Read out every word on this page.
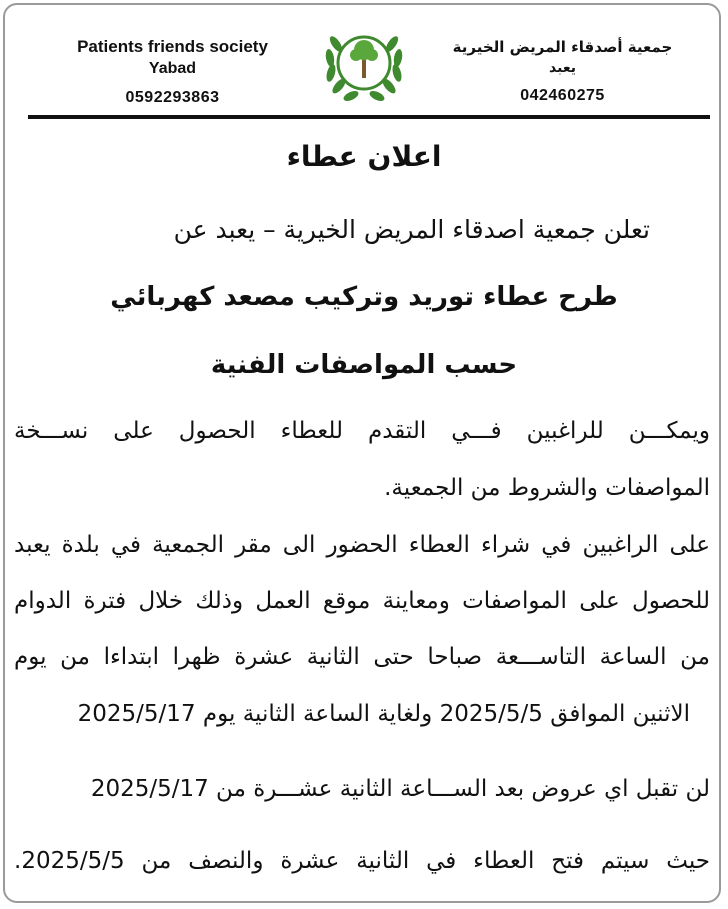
Patients friends society
Yabad
0592293863
جمعية أصدقاء المريض الخيرية
يعبد
042460275
اعلان عطاء
تعلن جمعية اصدقاء المريض الخيرية – يعبد عن
طرح عطاء توريد وتركيب مصعد كهربائي
حسب المواصفات الفنية
ويمكـــن للراغبين فـــي التقدم للعطاء الحصول على نســـخة
المواصفات والشروط من الجمعية.
على الراغبين في شراء العطاء الحضور الى مقر الجمعية في بلدة يعبد
للحصول على المواصفات ومعاينة موقع العمل وذلك خلال فترة الدوام
من الساعة التاســـعة صباحا حتى الثانية عشرة ظهرا ابتداءا من يوم
الاثنين الموافق 2025/5/5 ولغاية الساعة الثانية يوم 2025/5/17
لن تقبل اي عروض بعد الســـاعة الثانية عشـــرة من 2025/5/17
حيث سيتم فتح العطاء في الثانية عشرة والنصف من 2025/5/5.
